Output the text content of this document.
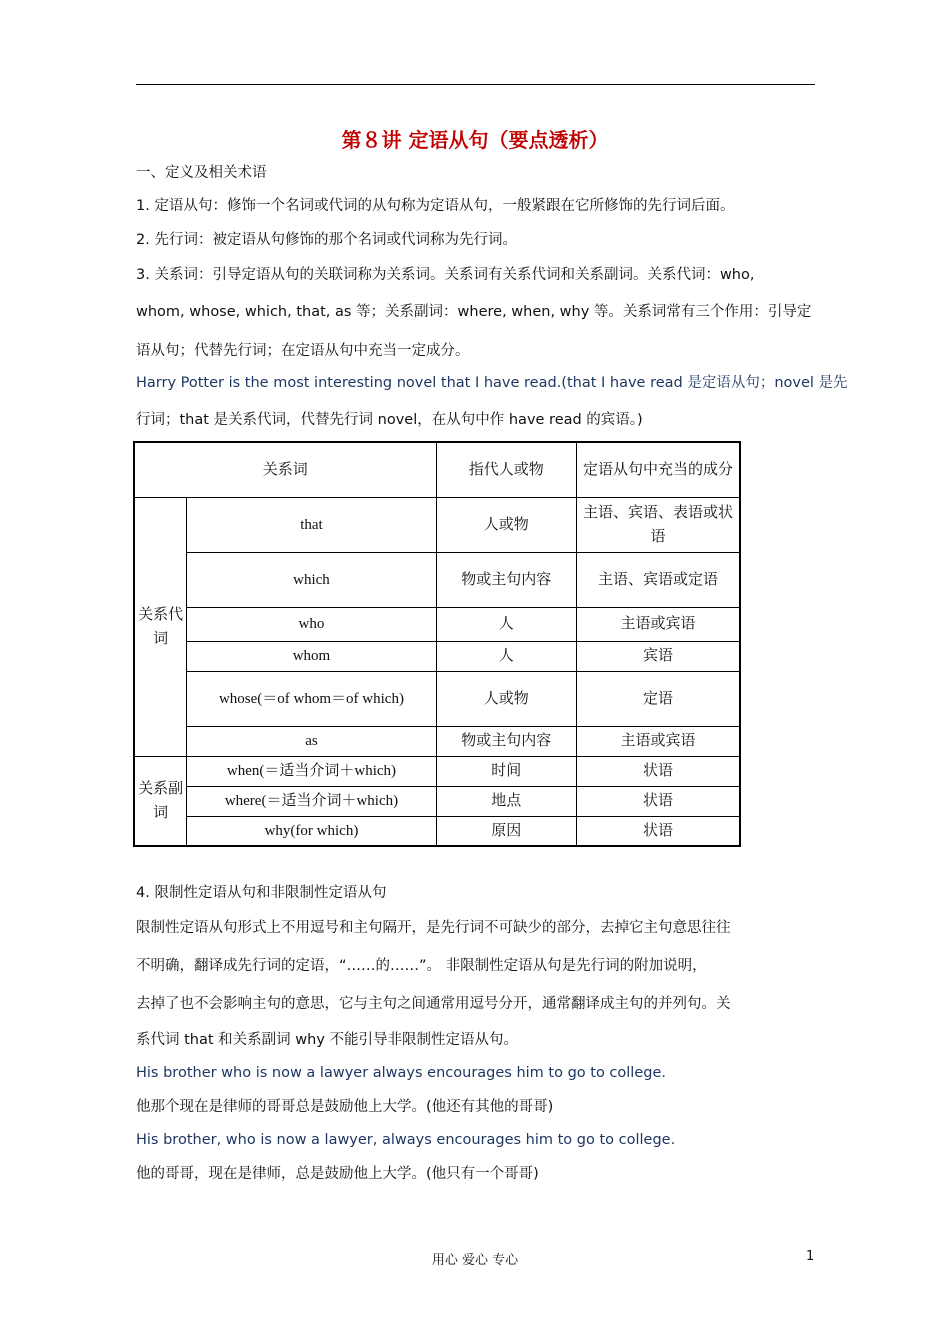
第８讲 定语从句（要点透析）
一、定义及相关术语
1. 定语从句：修饰一个名词或代词的从句称为定语从句，一般紧跟在它所修饰的先行词后面。
2. 先行词：被定语从句修饰的那个名词或代词称为先行词。
3. 关系词：引导定语从句的关联词称为关系词。关系词有关系代词和关系副词。关系代词：who,
whom, whose, which, that, as 等；关系副词：where, when, why 等。关系词常有三个作用：引导定
语从句；代替先行词；在定语从句中充当一定成分。
Harry Potter is the most interesting novel that I have read.(that I have read 是定语从句；novel 是先
行词；that 是关系代词，代替先行词 novel，在从句中作 have read 的宾语。)
关系词		指代人或物	定语从句中充当的成分
关系代词	that	人或物	主语、宾语、表语或状语
	which	物或主句内容	主语、宾语或定语
	who	人	主语或宾语
	whom	人	宾语
	whose(＝of whom＝of which)	人或物	定语
	as	物或主句内容	主语或宾语
关系副词	when(＝适当介词＋which)	时间	状语
	where(＝适当介词＋which)	地点	状语
	why(for which)	原因	状语
4. 限制性定语从句和非限制性定语从句
限制性定语从句形式上不用逗号和主句隔开，是先行词不可缺少的部分，去掉它主句意思往往
不明确，翻译成先行词的定语，“……的……”。 非限制性定语从句是先行词的附加说明，
去掉了也不会影响主句的意思，它与主句之间通常用逗号分开，通常翻译成主句的并列句。关
系代词 that 和关系副词 why 不能引导非限制性定语从句。
His brother who is now a lawyer always encourages him to go to college.
他那个现在是律师的哥哥总是鼓励他上大学。(他还有其他的哥哥)
His brother, who is now a lawyer, always encourages him to go to college.
他的哥哥，现在是律师，总是鼓励他上大学。(他只有一个哥哥)
用心 爱心 专心	1
